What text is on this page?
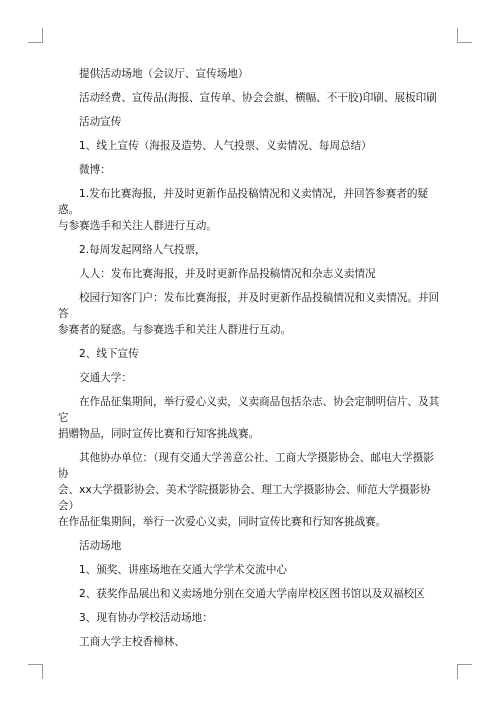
提供活动场地（会议厅、宣传场地）

活动经费、宣传品(海报、宣传单、协会会旗、横幅、不干胶)印刷、展板印刷

活动宣传

1、线上宣传（海报及造势、人气投票、义卖情况、每周总结）

微博：

1.发布比赛海报，并及时更新作品投稿情况和义卖情况，并回答参赛者的疑惑。

与参赛选手和关注人群进行互动。

2.每周发起网络人气投票，

人人：发布比赛海报，并及时更新作品投稿情况和杂志义卖情况

校园行知客门户：发布比赛海报，并及时更新作品投稿情况和义卖情况。并回答

参赛者的疑惑。与参赛选手和关注人群进行互动。

2、线下宣传

交通大学：

在作品征集期间，举行爱心义卖，义卖商品包括杂志、协会定制明信片、及其它

捐赠物品，同时宣传比赛和行知客挑战赛。

其他协办单位：（现有交通大学善意公社、工商大学摄影协会、邮电大学摄影协

会、xx大学摄影协会、美术学院摄影协会、理工大学摄影协会、师范大学摄影协会）

在作品征集期间，举行一次爱心义卖，同时宣传比赛和行知客挑战赛。

活动场地

1、颁奖、讲座场地在交通大学学术交流中心

2、获奖作品展出和义卖场地分别在交通大学南岸校区图书馆以及双福校区

3、现有协办学校活动场地：

工商大学主校香樟林、
